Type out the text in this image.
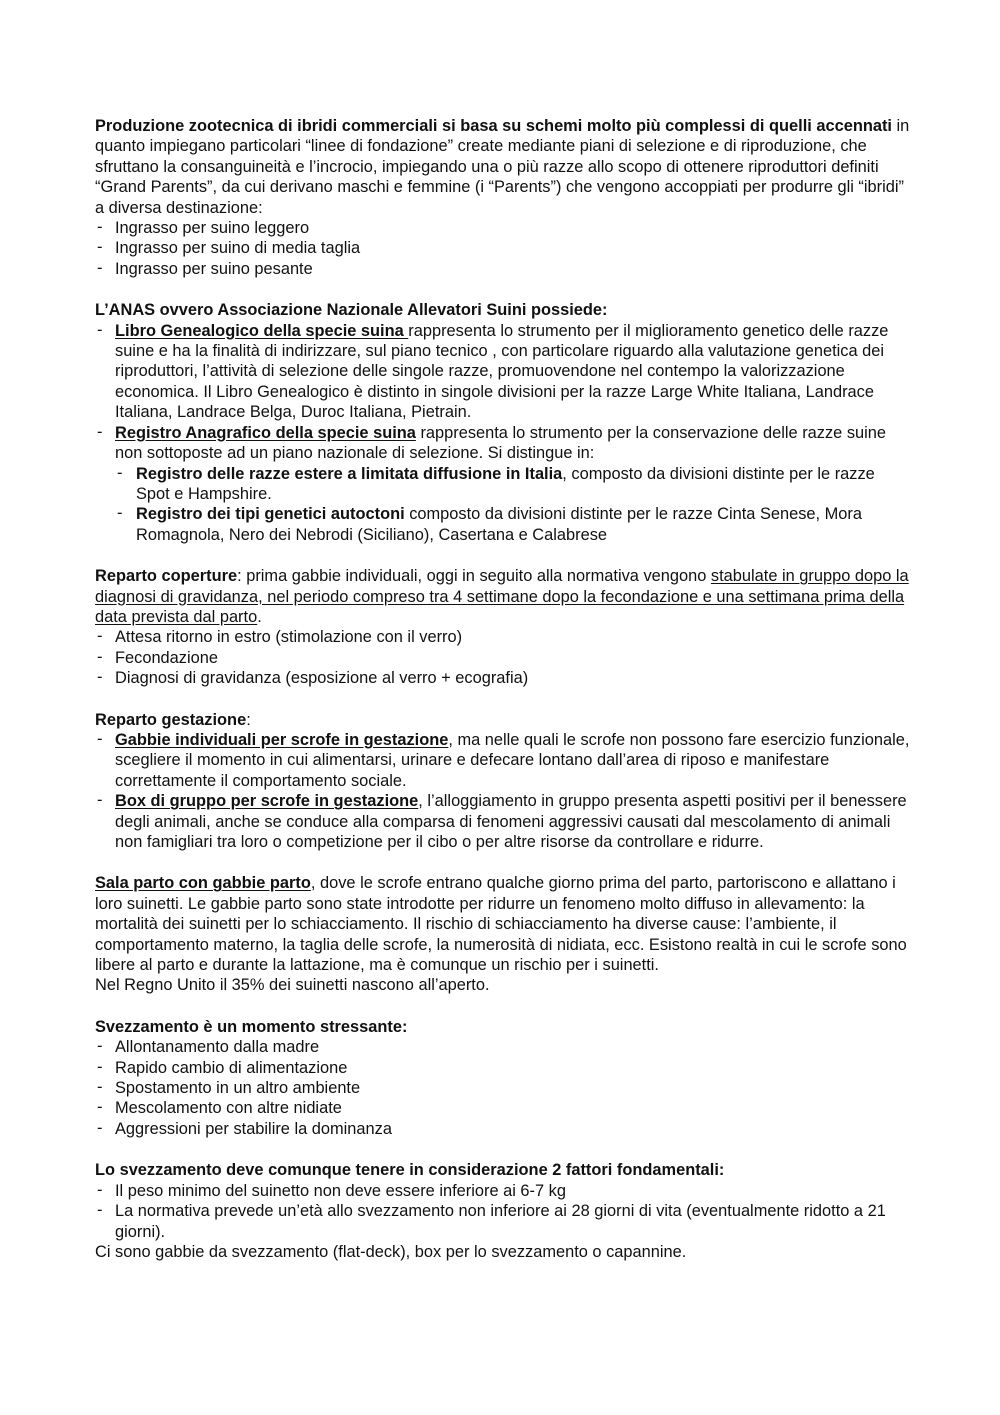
Produzione zootecnica di ibridi commerciali si basa su schemi molto più complessi di quelli accennati in quanto impiegano particolari “linee di fondazione” create mediante piani di selezione e di riproduzione, che sfruttano la consanguineità e l’incrocio, impiegando una o più razze allo scopo di ottenere riproduttori definiti “Grand Parents”, da cui derivano maschi e femmine (i “Parents”) che vengono accoppiati per produrre gli “ibridi” a diversa destinazione:

- Ingrasso per suino leggero
- Ingrasso per suino di media taglia
- Ingrasso per suino pesante

L’ANAS ovvero Associazione Nazionale Allevatori Suini possiede:

- Libro Genealogico della specie suina rappresenta lo strumento per il miglioramento genetico delle razze suine e ha la finalità di indirizzare, sul piano tecnico , con particolare riguardo alla valutazione genetica dei riproduttori, l’attività di selezione delle singole razze, promuovendone nel contempo la valorizzazione economica. Il Libro Genealogico è distinto in singole divisioni per la razze Large White Italiana, Landrace Italiana, Landrace Belga, Duroc Italiana, Pietrain.
- Registro Anagrafico della specie suina rappresenta lo strumento per la conservazione delle razze suine non sottoposte ad un piano nazionale di selezione. Si distingue in:
- Registro delle razze estere a limitata diffusione in Italia, composto da divisioni distinte per le razze Spot e Hampshire.
- Registro dei tipi genetici autoctoni composto da divisioni distinte per le razze Cinta Senese, Mora Romagnola, Nero dei Nebrodi (Siciliano), Casertana e Calabrese

Reparto coperture: prima gabbie individuali, oggi in seguito alla normativa vengono stabulate in gruppo dopo la diagnosi di gravidanza, nel periodo compreso tra 4 settimane dopo la fecondazione e una settimana prima della data prevista dal parto.

- Attesa ritorno in estro (stimolazione con il verro)
- Fecondazione
- Diagnosi di gravidanza (esposizione al verro + ecografia)

Reparto gestazione:

- Gabbie individuali per scrofe in gestazione, ma nelle quali le scrofe non possono fare esercizio funzionale, scegliere il momento in cui alimentarsi, urinare e defecare lontano dall’area di riposo e manifestare correttamente il comportamento sociale.
- Box di gruppo per scrofe in gestazione, l’alloggiamento in gruppo presenta aspetti positivi per il benessere degli animali, anche se conduce alla comparsa di fenomeni aggressivi causati dal mescolamento di animali non famigliari tra loro o competizione per il cibo o per altre risorse da controllare e ridurre.

Sala parto con gabbie parto, dove le scrofe entrano qualche giorno prima del parto, partoriscono e allattano i loro suinetti. Le gabbie parto sono state introdotte per ridurre un fenomeno molto diffuso in allevamento: la mortalità dei suinetti per lo schiacciamento. Il rischio di schiacciamento ha diverse cause: l’ambiente, il comportamento materno, la taglia delle scrofe, la numerosità di nidiata, ecc. Esistono realtà in cui le scrofe sono libere al parto e durante la lattazione, ma è comunque un rischio per i suinetti.

Nel Regno Unito il 35% dei suinetti nascono all’aperto.

Svezzamento è un momento stressante:

- Allontanamento dalla madre
- Rapido cambio di alimentazione
- Spostamento in un altro ambiente
- Mescolamento con altre nidiate
- Aggressioni per stabilire la dominanza

Lo svezzamento deve comunque tenere in considerazione 2 fattori fondamentali:

- Il peso minimo del suinetto non deve essere inferiore ai 6-7 kg
- La normativa prevede un’età allo svezzamento non inferiore ai 28 giorni di vita (eventualmente ridotto a 21 giorni).

Ci sono gabbie da svezzamento (flat-deck), box per lo svezzamento o capannine.
